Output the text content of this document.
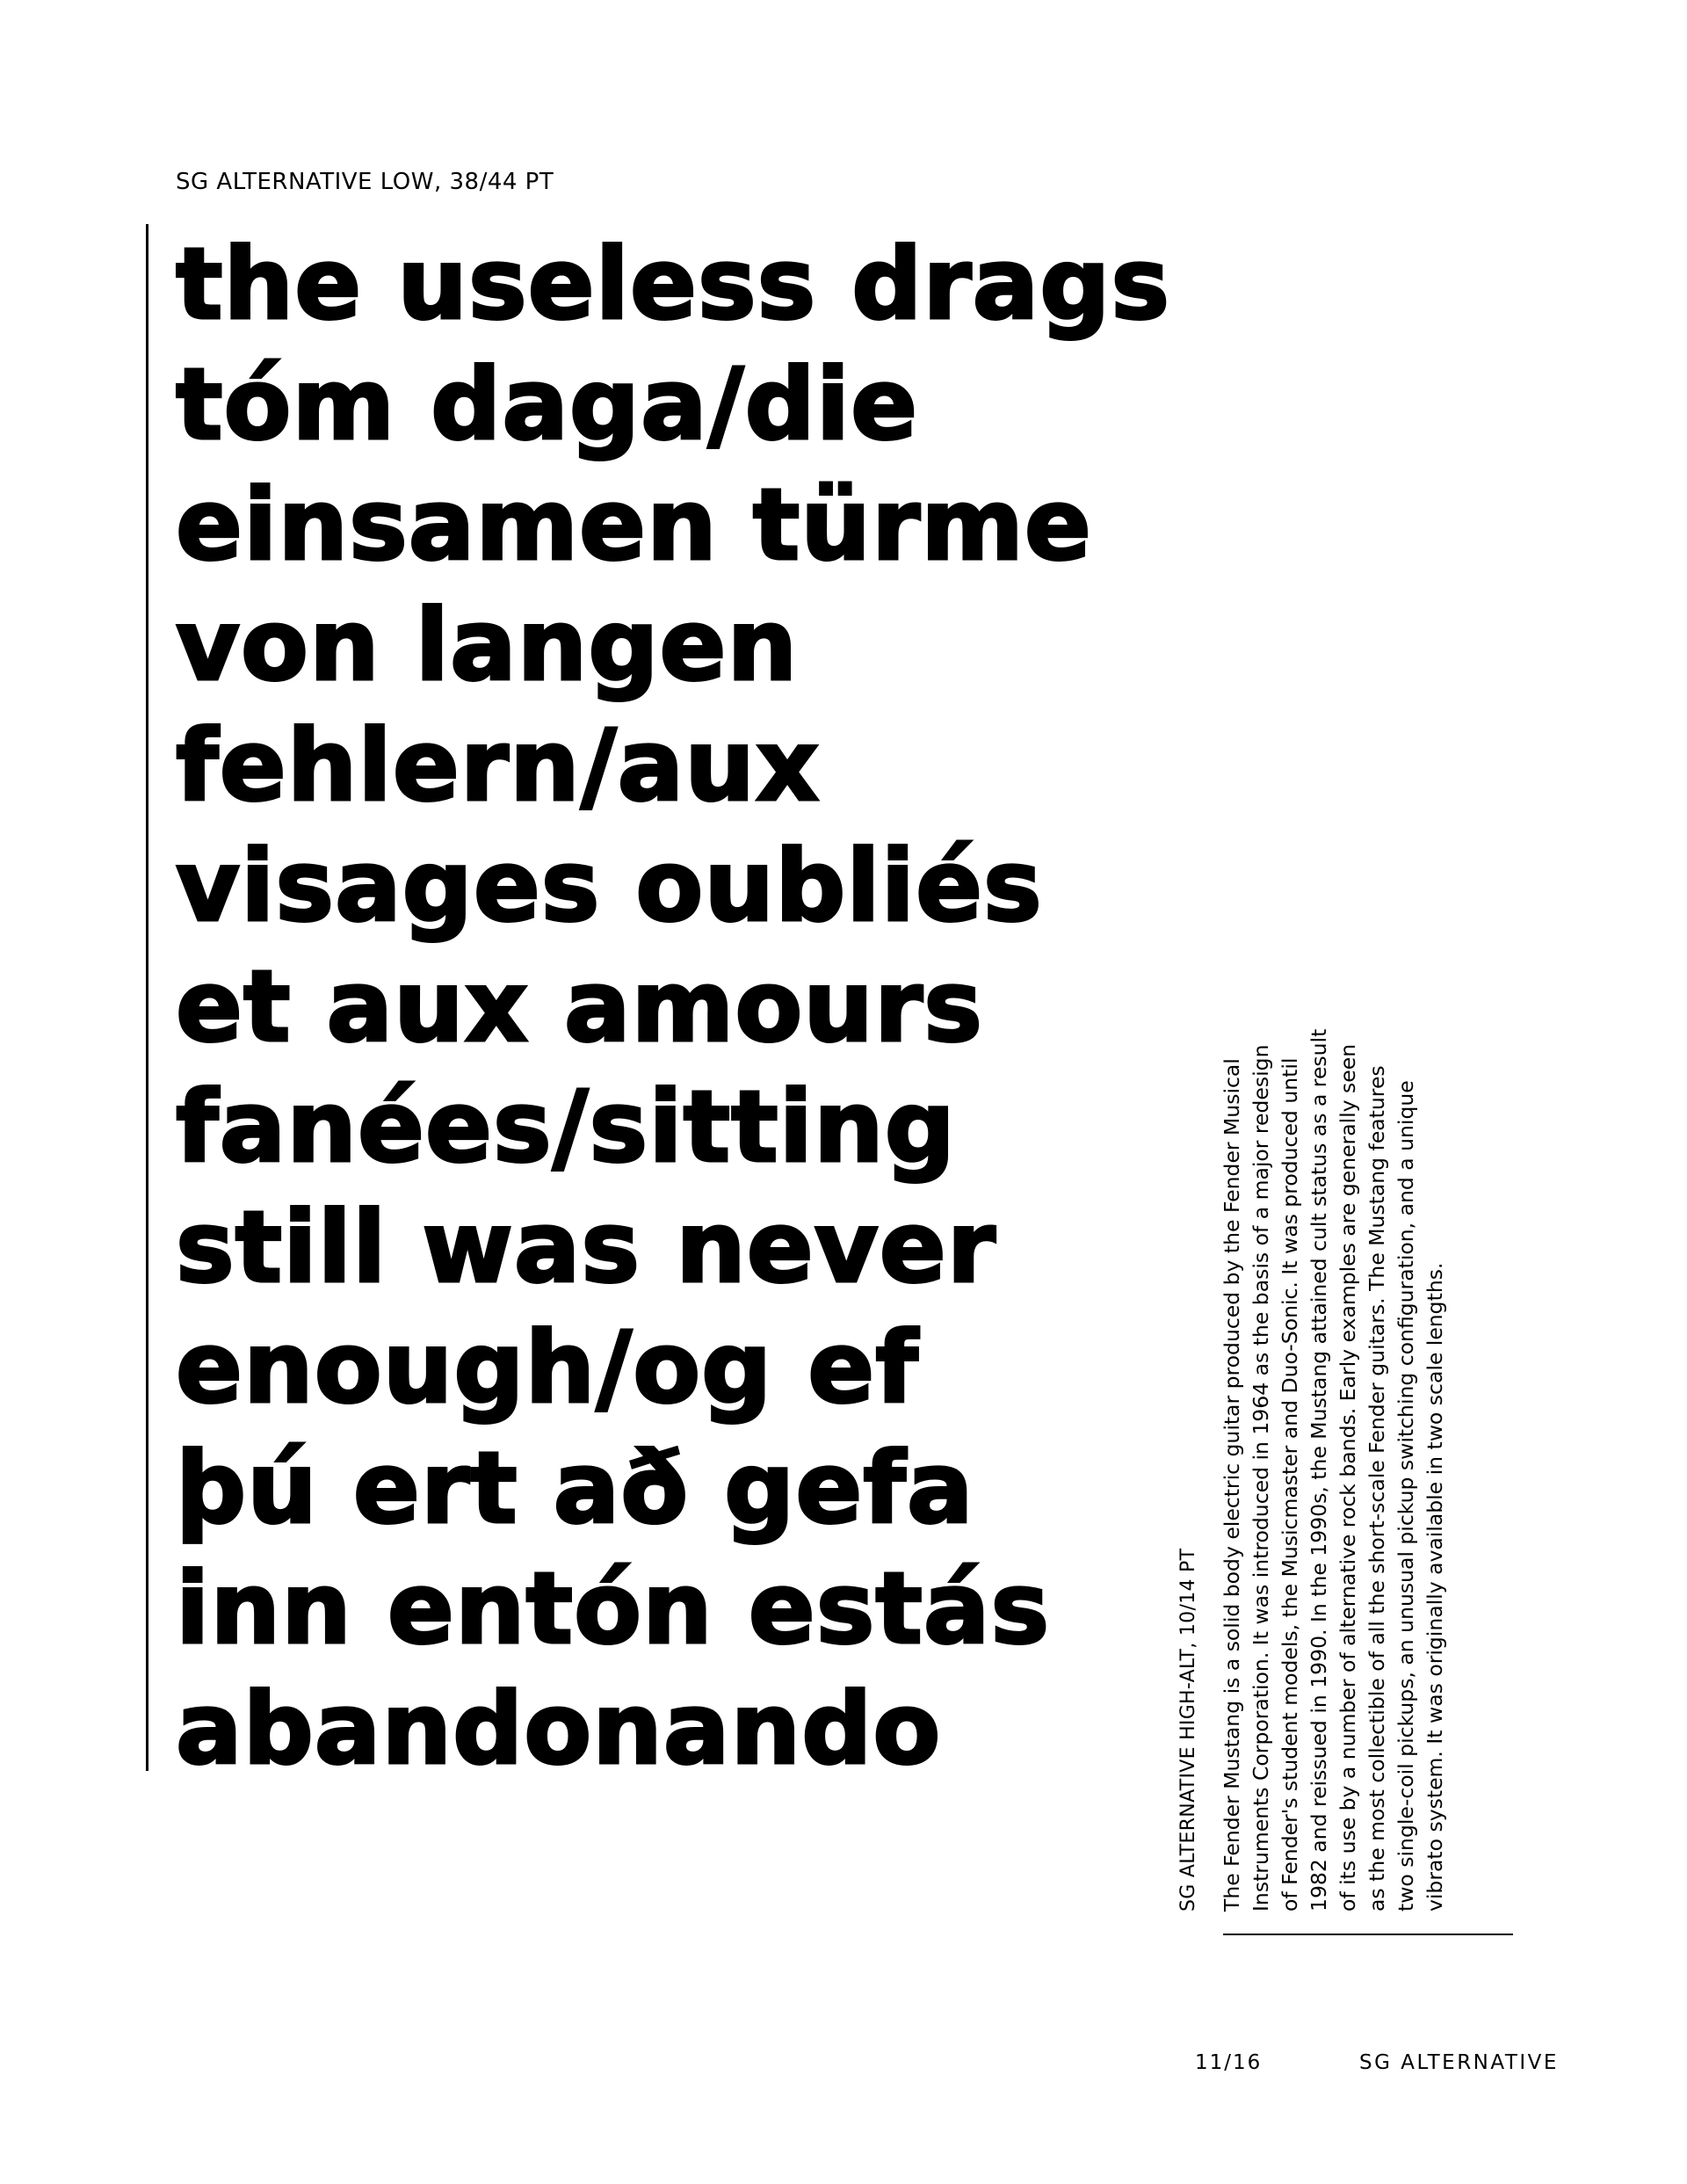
SG ALTERNATIVE LOW, 38/44 PT
the useless drags
tóm daga/die
einsamen türme
von langen
fehlern/aux
visages oubliés
et aux amours
fanées/sitting
still was never
enough/og ef
þú ert að gefa
inn entón estás
abandonando	SG ALTERNATIVE HIGH-ALT, 10/14 PT The Fender Mustang is a solid body electric guitar produced by the Fender Musical Instruments Corporation. It was introduced in 1964 as the basis of a major redesign of Fender's student models, the Musicmaster and Duo-Sonic. It was produced until 1982 and reissued in 1990. In the 1990s, the Mustang attained cult status as a result of its use by a number of alternative rock bands. Early examples are generally seen as the most collectible of all the short-scale Fender guitars. The Mustang features two single-coil pickups, an unusual pickup switching configuration, and a unique vibrato system. It was originally available in two scale lengths.
11/16	SG ALTERNATIVE
